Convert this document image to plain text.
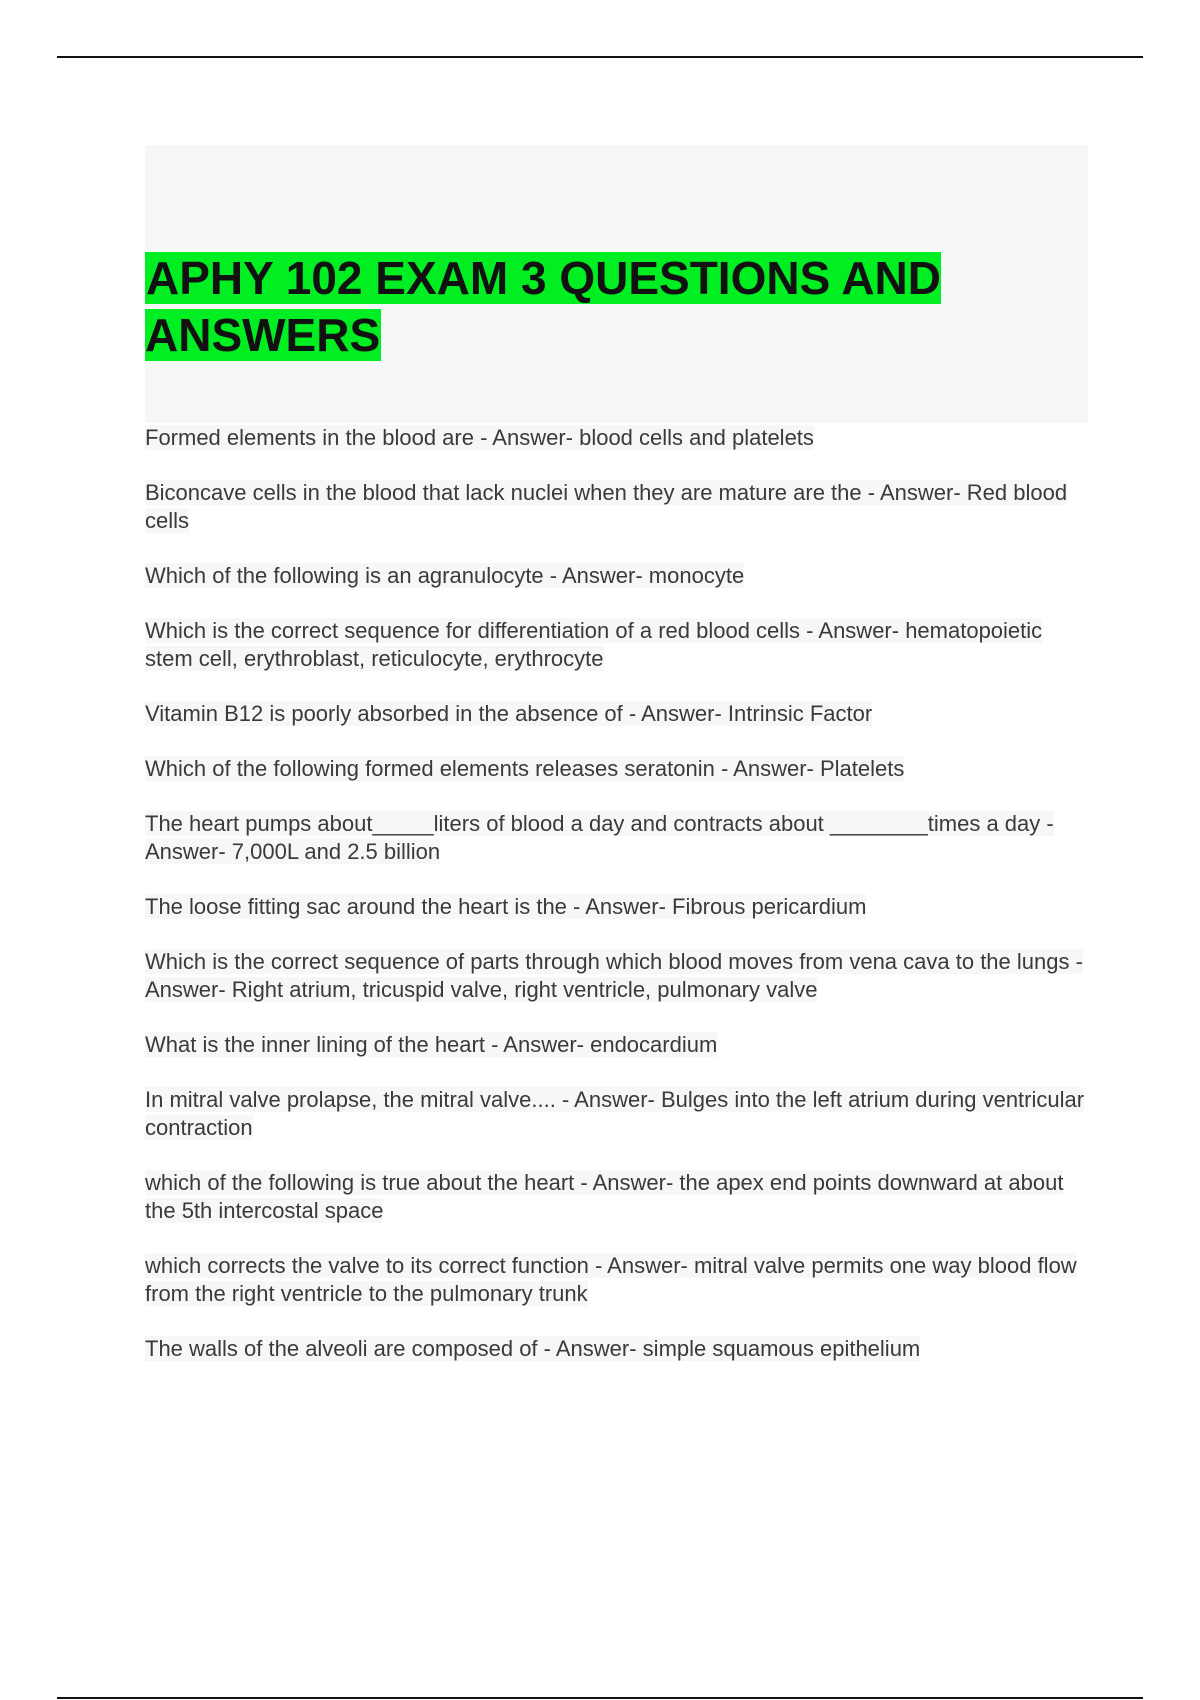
APHY 102 EXAM 3 QUESTIONS AND ANSWERS
Formed elements in the blood are - Answer- blood cells and platelets
Biconcave cells in the blood that lack nuclei when they are mature are the - Answer- Red blood cells
Which of the following is an agranulocyte - Answer- monocyte
Which is the correct sequence for differentiation of a red blood cells - Answer- hematopoietic stem cell, erythroblast, reticulocyte, erythrocyte
Vitamin B12 is poorly absorbed in the absence of - Answer- Intrinsic Factor
Which of the following formed elements releases seratonin - Answer- Platelets
The heart pumps about_____liters of blood a day and contracts about ________times a day - Answer- 7,000L and 2.5 billion
The loose fitting sac around the heart is the - Answer- Fibrous pericardium
Which is the correct sequence of parts through which blood moves from vena cava to the lungs - Answer- Right atrium, tricuspid valve, right ventricle, pulmonary valve
What is the inner lining of the heart - Answer- endocardium
In mitral valve prolapse, the mitral valve.... - Answer- Bulges into the left atrium during ventricular contraction
which of the following is true about the heart - Answer- the apex end points downward at about the 5th intercostal space
which corrects the valve to its correct function - Answer- mitral valve permits one way blood flow from the right ventricle to the pulmonary trunk
The walls of the alveoli are composed of - Answer- simple squamous epithelium
